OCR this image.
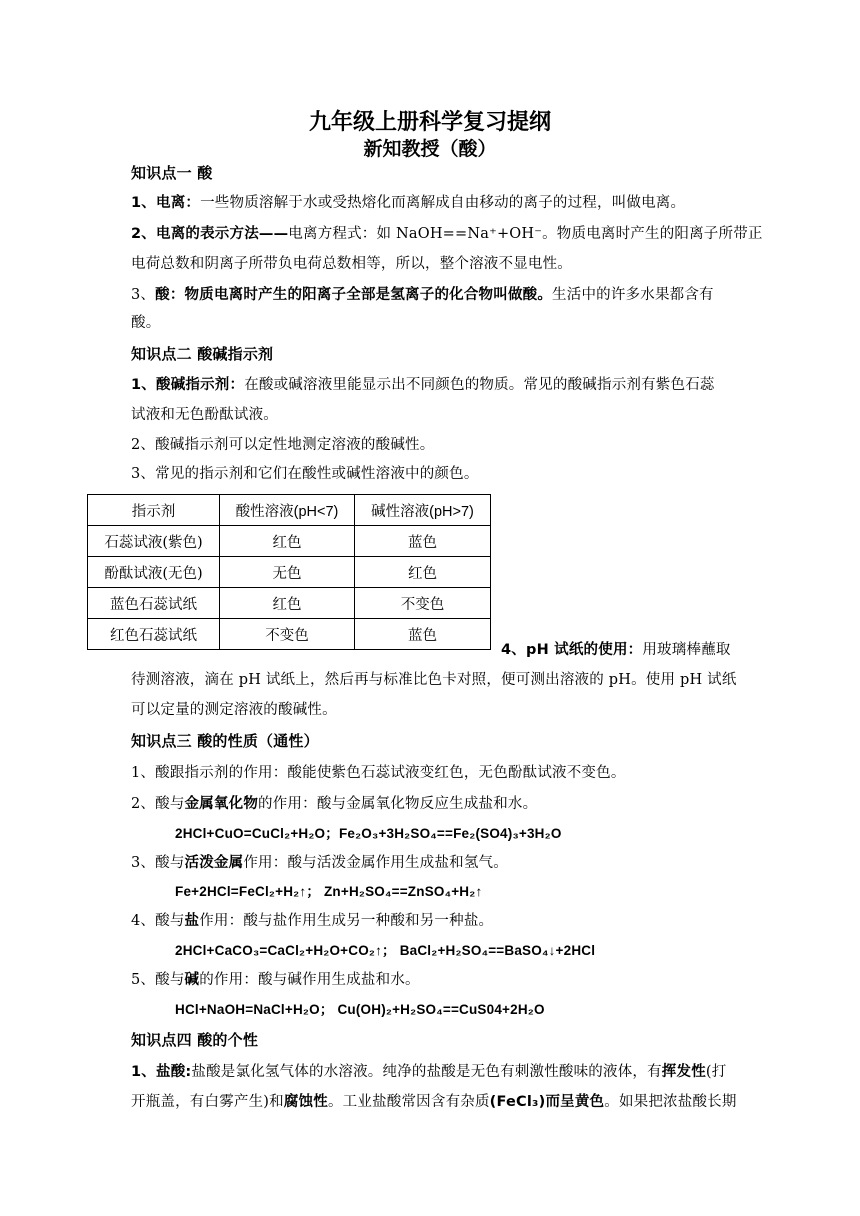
九年级上册科学复习提纲
新知教授（酸）
知识点一 酸
1、电离：一些物质溶解于水或受热熔化而离解成自由移动的离子的过程，叫做电离。
2、电离的表示方法——电离方程式：如 NaOH==Na⁺+OH⁻。物质电离时产生的阳离子所带正
电荷总数和阴离子所带负电荷总数相等，所以，整个溶液不显电性。
3、酸：物质电离时产生的阳离子全部是氢离子的化合物叫做酸。生活中的许多水果都含有
酸。
知识点二 酸碱指示剂
1、酸碱指示剂：在酸或碱溶液里能显示出不同颜色的物质。常见的酸碱指示剂有紫色石蕊
试液和无色酚酞试液。
2、酸碱指示剂可以定性地测定溶液的酸碱性。
3、常见的指示剂和它们在酸性或碱性溶液中的颜色。
指示剂	酸性溶液(pH<7)	碱性溶液(pH>7)
石蕊试液(紫色)	红色	蓝色
酚酞试液(无色)	无色	红色
蓝色石蕊试纸	红色	不变色
红色石蕊试纸	不变色	蓝色
4、pH 试纸的使用：用玻璃棒蘸取
待测溶液，滴在 pH 试纸上，然后再与标准比色卡对照，便可测出溶液的 pH。使用 pH 试纸
可以定量的测定溶液的酸碱性。
知识点三 酸的性质（通性）
1、酸跟指示剂的作用：酸能使紫色石蕊试液变红色，无色酚酞试液不变色。
2、酸与金属氧化物的作用：酸与金属氧化物反应生成盐和水。
2HCl+CuO=CuCl₂+H₂O；Fe₂O₃+3H₂SO₄==Fe₂(SO4)₃+3H₂O
3、酸与活泼金属作用：酸与活泼金属作用生成盐和氢气。
Fe+2HCl=FeCl₂+H₂↑； Zn+H₂SO₄==ZnSO₄+H₂↑
4、酸与盐作用：酸与盐作用生成另一种酸和另一种盐。
2HCl+CaCO₃=CaCl₂+H₂O+CO₂↑； BaCl₂+H₂SO₄==BaSO₄↓+2HCl
5、酸与碱的作用：酸与碱作用生成盐和水。
HCl+NaOH=NaCl+H₂O； Cu(OH)₂+H₂SO₄==CuS04+2H₂O
知识点四 酸的个性
1、盐酸:盐酸是氯化氢气体的水溶液。纯净的盐酸是无色有刺激性酸味的液体，有挥发性(打
开瓶盖，有白雾产生)和腐蚀性。工业盐酸常因含有杂质(FeCl₃)而呈黄色。如果把浓盐酸长期
